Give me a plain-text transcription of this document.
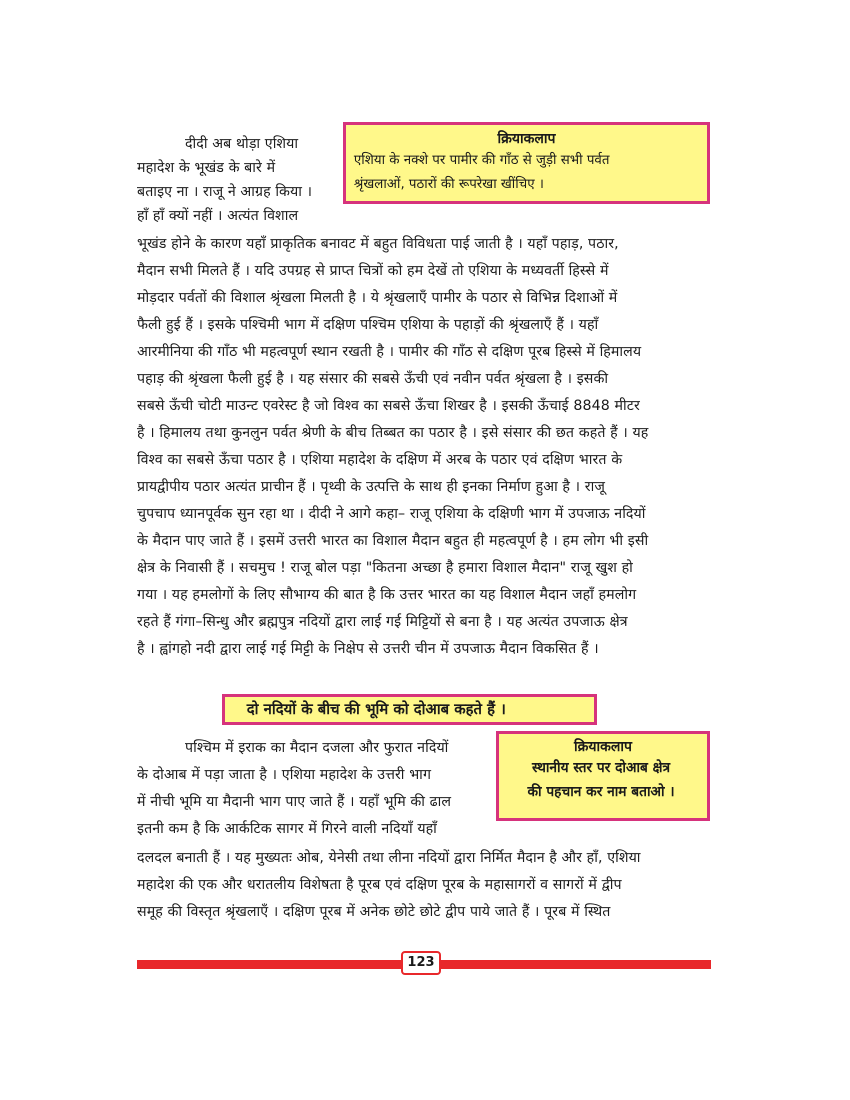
क्रियाकलाप
एशिया के नक्शे पर पामीर की गाँठ से जुड़ी सभी पर्वत
श्रृंखलाओं, पठारों की रूपरेखा खींचिए ।
दीदी अब थोड़ा एशिया
महादेश के भूखंड के बारे में
बताइए ना । राजू ने आग्रह किया ।
हाँ हाँ क्यों नहीं । अत्यंत विशाल
भूखंड होने के कारण यहाँ प्राकृतिक बनावट में बहुत विविधता पाई जाती है । यहाँ पहाड़, पठार,
मैदान सभी मिलते हैं । यदि उपग्रह से प्राप्त चित्रों को हम देखें तो एशिया के मध्यवर्ती हिस्से में
मोड़दार पर्वतों की विशाल श्रृंखला मिलती है । ये श्रृंखलाएँ पामीर के पठार से विभिन्न दिशाओं में
फैली हुई हैं । इसके पश्चिमी भाग में दक्षिण पश्चिम एशिया के पहाड़ों की श्रृंखलाएँ हैं । यहाँ
आरमीनिया की गाँठ भी महत्वपूर्ण स्थान रखती है । पामीर की गाँठ से दक्षिण पूरब हिस्से में हिमालय
पहाड़ की श्रृंखला फैली हुई है । यह संसार की सबसे ऊँची एवं नवीन पर्वत श्रृंखला है । इसकी
सबसे ऊँची चोटी माउन्ट एवरेस्ट है जो विश्व का सबसे ऊँचा शिखर है । इसकी ऊँचाई 8848 मीटर
है । हिमालय तथा कुनलुन पर्वत श्रेणी के बीच तिब्बत का पठार है । इसे संसार की छत कहते हैं । यह
विश्व का सबसे ऊँचा पठार है । एशिया महादेश के दक्षिण में अरब के पठार एवं दक्षिण भारत के
प्रायद्वीपीय पठार अत्यंत प्राचीन हैं । पृथ्वी के उत्पत्ति के साथ ही इनका निर्माण हुआ है । राजू
चुपचाप ध्यानपूर्वक सुन रहा था । दीदी ने आगे कहा– राजू एशिया के दक्षिणी भाग में उपजाऊ नदियों
के मैदान पाए जाते हैं । इसमें उत्तरी भारत का विशाल मैदान बहुत ही महत्वपूर्ण है । हम लोग भी इसी
क्षेत्र के निवासी हैं । सचमुच ! राजू बोल पड़ा "कितना अच्छा है हमारा विशाल मैदान" राजू खुश हो
गया । यह हमलोगों के लिए सौभाग्य की बात है कि उत्तर भारत का यह विशाल मैदान जहाँ हमलोग
रहते हैं गंगा–सिन्धु और ब्रह्मपुत्र नदियों द्वारा लाई गई मिट्टियों से बना है । यह अत्यंत उपजाऊ क्षेत्र
है । ह्वांगहो नदी द्वारा लाई गई मिट्टी के निक्षेप से उत्तरी चीन में उपजाऊ मैदान विकसित हैं ।
दो नदियों के बीच की भूमि को दोआब कहते हैं ।
क्रियाकलाप
स्थानीय स्तर पर दोआब क्षेत्र
की पहचान कर नाम बताओ ।
पश्चिम में इराक का मैदान दजला और फुरात नदियों
के दोआब में पड़ा जाता है । एशिया महादेश के उत्तरी भाग
में नीची भूमि या मैदानी भाग पाए जाते हैं । यहाँ भूमि की ढाल
इतनी कम है कि आर्कटिक सागर में गिरने वाली नदियाँ यहाँ
दलदल बनाती हैं । यह मुख्यतः ओब, येनेसी तथा लीना नदियों द्वारा निर्मित मैदान है और हाँ, एशिया
महादेश की एक और धरातलीय विशेषता है पूरब एवं दक्षिण पूरब के महासागरों व सागरों में द्वीप
समूह की विस्तृत श्रृंखलाएँ । दक्षिण पूरब में अनेक छोटे छोटे द्वीप पाये जाते हैं । पूरब में स्थित
123
